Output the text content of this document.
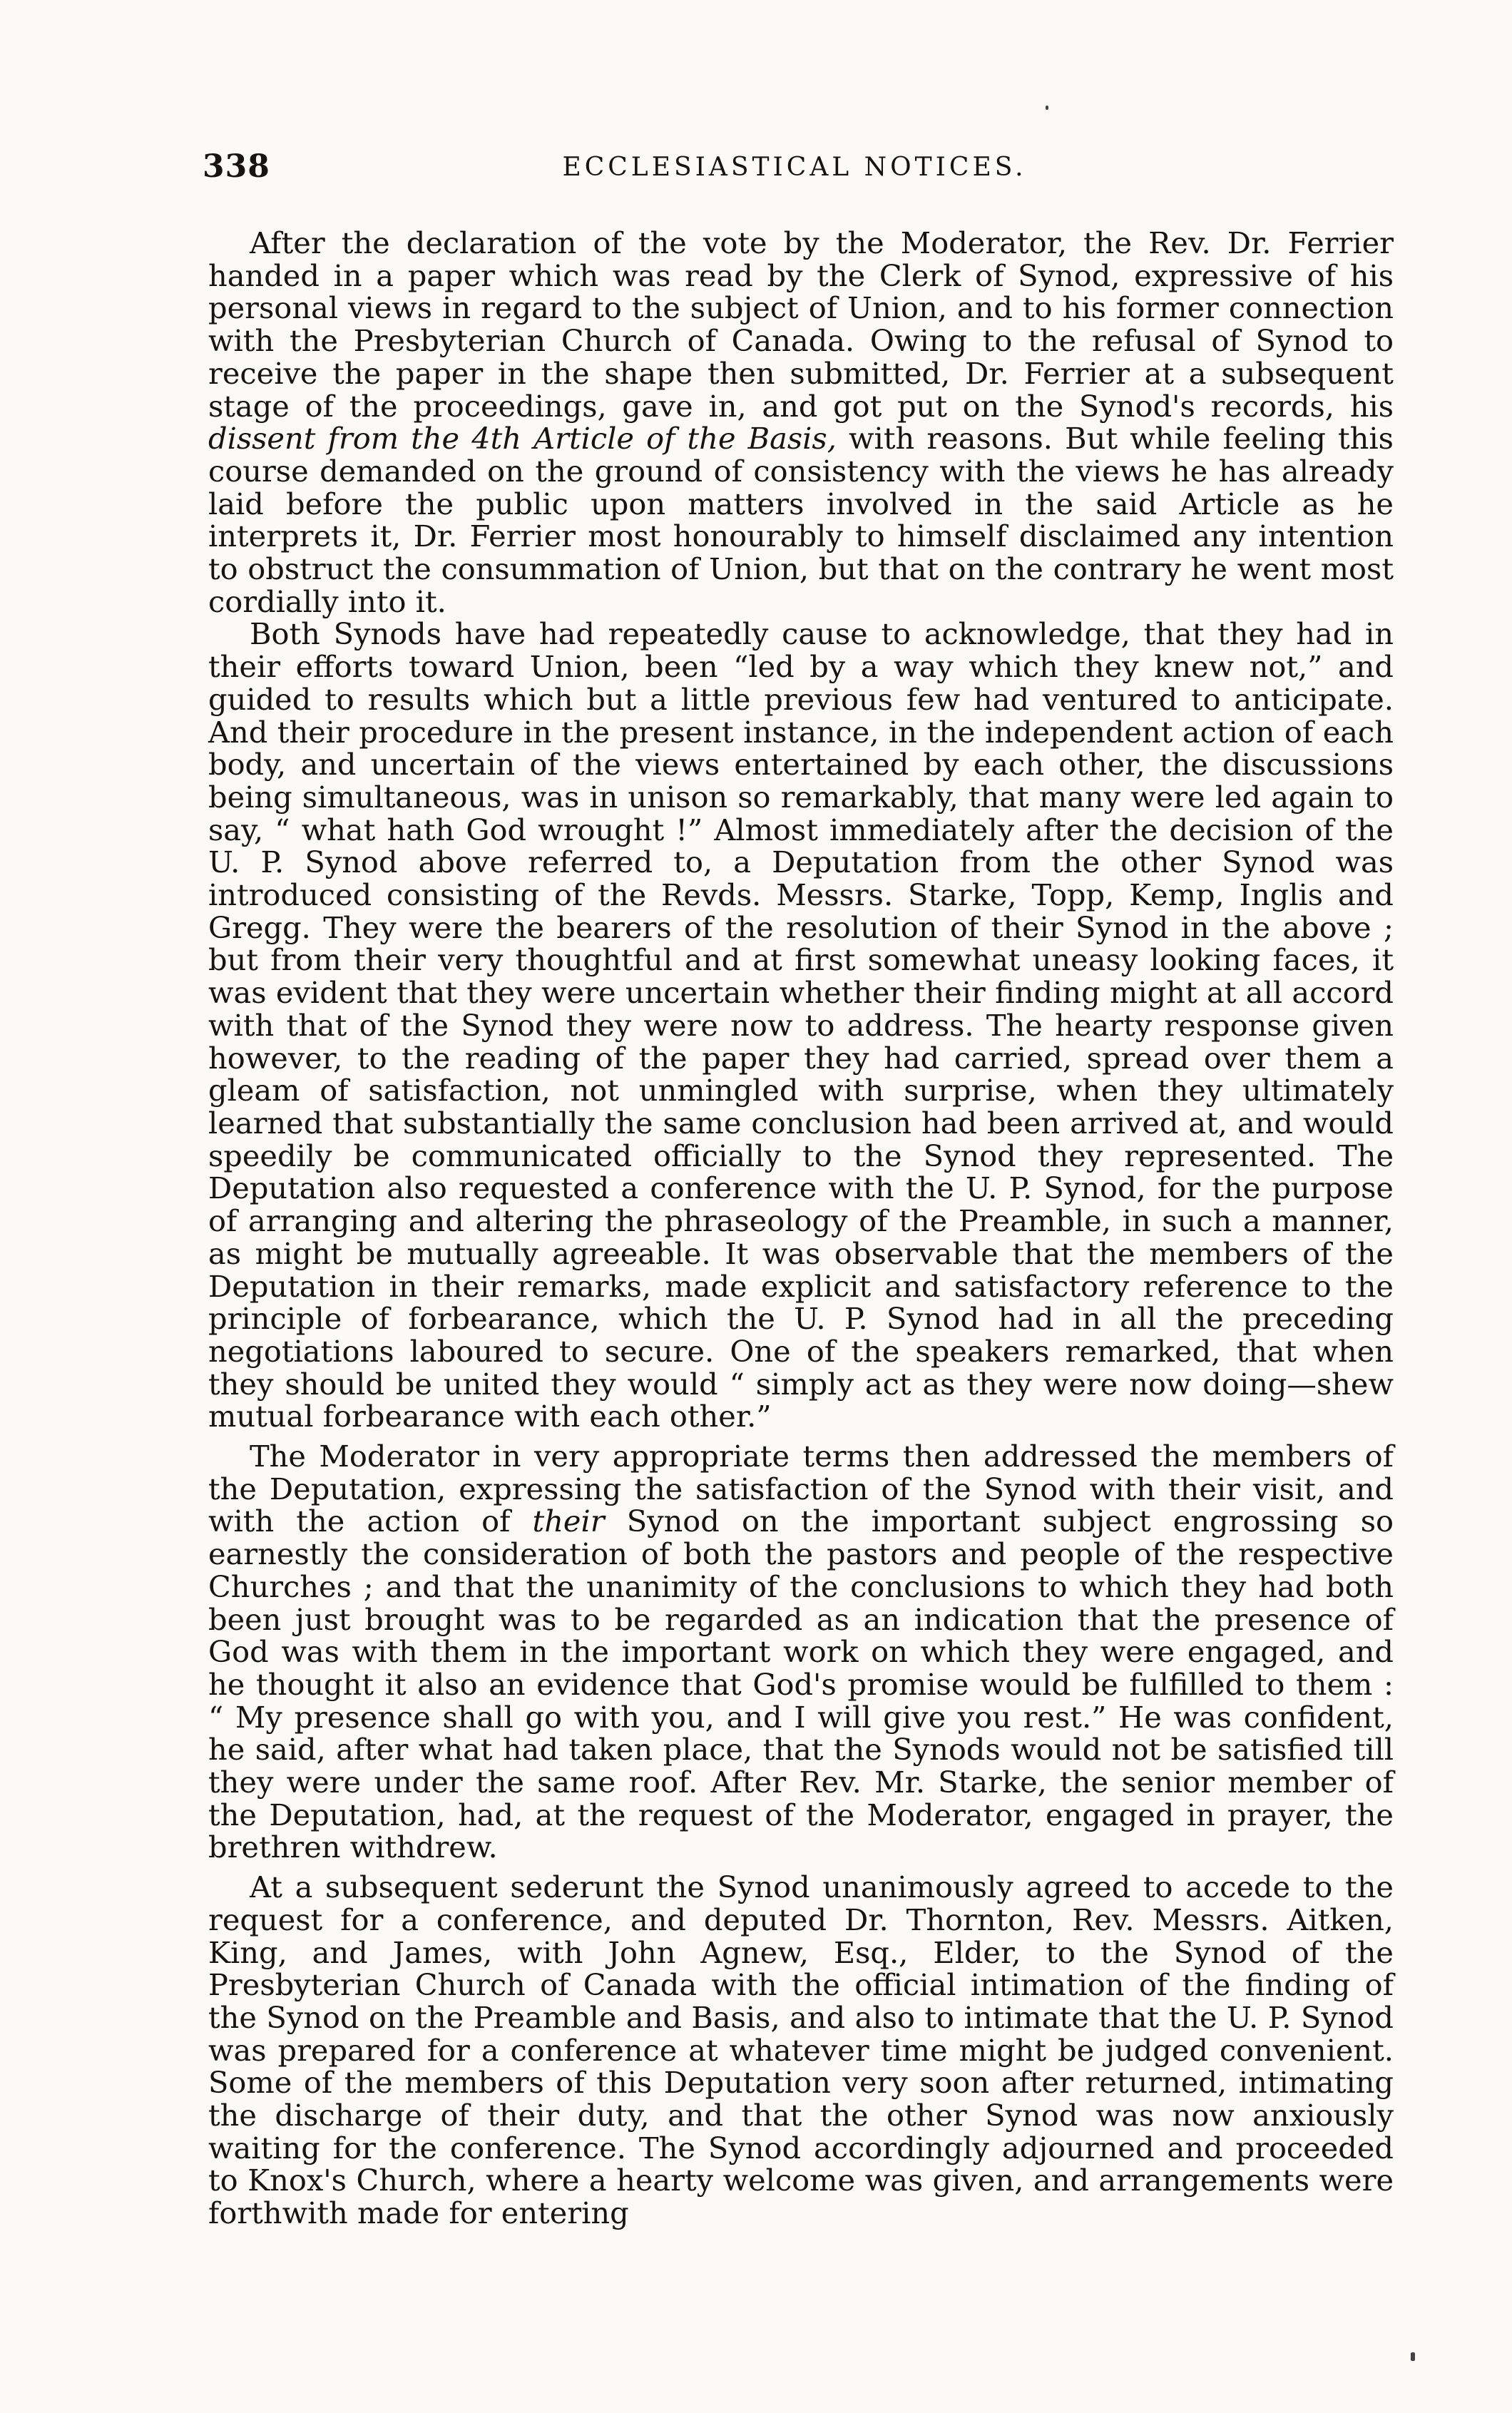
338	ECCLESIASTICAL NOTICES.

After the declaration of the vote by the Moderator, the Rev. Dr. Ferrier handed in a paper which was read by the Clerk of Synod, expressive of his personal views in regard to the subject of Union, and to his former connection with the Presbyterian Church of Canada. Owing to the refusal of Synod to receive the paper in the shape then submitted, Dr. Ferrier at a subsequent stage of the proceedings, gave in, and got put on the Synod's records, his dissent from the 4th Article of the Basis, with reasons. But while feeling this course demanded on the ground of consistency with the views he has already laid before the public upon matters involved in the said Article as he interprets it, Dr. Ferrier most honourably to himself disclaimed any intention to obstruct the consummation of Union, but that on the contrary he went most cordially into it.

Both Synods have had repeatedly cause to acknowledge, that they had in their efforts toward Union, been “led by a way which they knew not,” and guided to results which but a little previous few had ventured to anticipate. And their procedure in the present instance, in the independent action of each body, and uncertain of the views entertained by each other, the discussions being simultaneous, was in unison so remarkably, that many were led again to say, “ what hath God wrought !” Almost immediately after the decision of the U. P. Synod above referred to, a Deputation from the other Synod was introduced consisting of the Revds. Messrs. Starke, Topp, Kemp, Inglis and Gregg. They were the bearers of the resolution of their Synod in the above ; but from their very thoughtful and at first somewhat uneasy looking faces, it was evident that they were uncertain whether their finding might at all accord with that of the Synod they were now to address. The hearty response given however, to the reading of the paper they had carried, spread over them a gleam of satisfaction, not unmingled with surprise, when they ultimately learned that substantially the same conclusion had been arrived at, and would speedily be communicated officially to the Synod they represented. The Deputation also requested a conference with the U. P. Synod, for the purpose of arranging and altering the phraseology of the Preamble, in such a manner, as might be mutually agreeable. It was observable that the members of the Deputation in their remarks, made explicit and satisfactory reference to the principle of forbearance, which the U. P. Synod had in all the preceding negotiations laboured to secure. One of the speakers remarked, that when they should be united they would “ simply act as they were now doing—shew mutual forbearance with each other.”

The Moderator in very appropriate terms then addressed the members of the Deputation, expressing the satisfaction of the Synod with their visit, and with the action of their Synod on the important subject engrossing so earnestly the consideration of both the pastors and people of the respective Churches ; and that the unanimity of the conclusions to which they had both been just brought was to be regarded as an indication that the presence of God was with them in the important work on which they were engaged, and he thought it also an evidence that God's promise would be fulfilled to them : “ My presence shall go with you, and I will give you rest.” He was confident, he said, after what had taken place, that the Synods would not be satisfied till they were under the same roof. After Rev. Mr. Starke, the senior member of the Deputation, had, at the request of the Moderator, engaged in prayer, the brethren withdrew.

At a subsequent sederunt the Synod unanimously agreed to accede to the request for a conference, and deputed Dr. Thornton, Rev. Messrs. Aitken, King, and James, with John Agnew, Esq., Elder, to the Synod of the Presbyterian Church of Canada with the official intimation of the finding of the Synod on the Preamble and Basis, and also to intimate that the U. P. Synod was prepared for a conference at whatever time might be judged convenient. Some of the members of this Deputation very soon after returned, intimating the discharge of their duty, and that the other Synod was now anxiously waiting for the conference. The Synod accordingly adjourned and proceeded to Knox's Church, where a hearty welcome was given, and arrangements were forthwith made for entering
